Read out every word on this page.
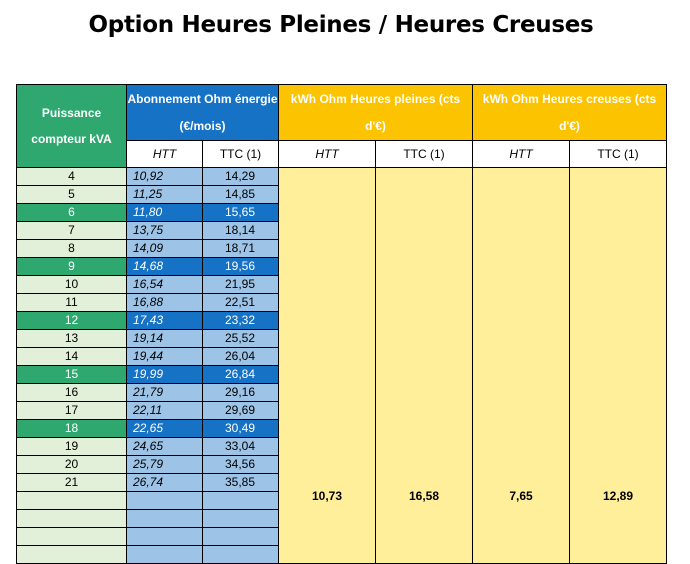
Option Heures Pleines / Heures Creuses
Puissance compteur kVA	Abonnement Ohm énergie (€/mois)		kWh Ohm Heures pleines (cts d'€)		kWh Ohm Heures creuses (cts d'€)	
	HTT	TTC (1)	HTT	TTC (1)	HTT	TTC (1)
4	10,92	14,29	10,73	16,58	7,65	12,89

5	11,25	14,85				
6	11,80	15,65				
7	13,75	18,14				
8	14,09	18,71				
9	14,68	19,56				
10	16,54	21,95				
11	16,88	22,51				
12	17,43	23,32				
13	19,14	25,52				
14	19,44	26,04				
15	19,99	26,84				
16	21,79	29,16				
17	22,11	29,69				
18	22,65	30,49				
19	24,65	33,04				
20	25,79	34,56				
21	26,74	35,85				
